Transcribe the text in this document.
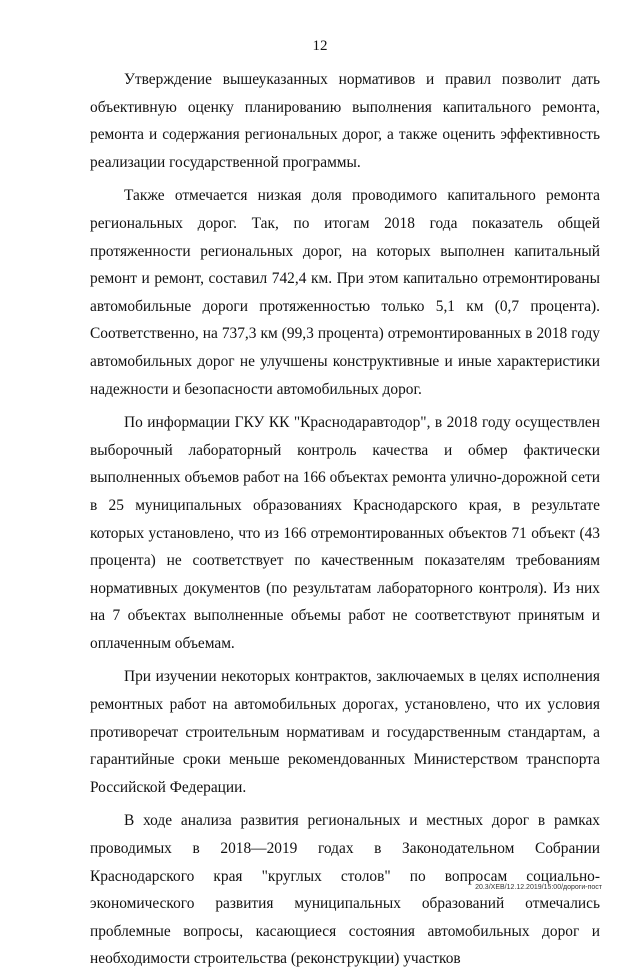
12

Утверждение вышеуказанных нормативов и правил позволит дать объективную оценку планированию выполнения капитального ремонта, ремонта и содержания региональных дорог, а также оценить эффективность реализации государственной программы.

Также отмечается низкая доля проводимого капитального ремонта региональных дорог. Так, по итогам 2018 года показатель общей протяженности региональных дорог, на которых выполнен капитальный ремонт и ремонт, составил 742,4 км. При этом капитально отремонтированы автомобильные дороги протяженностью только 5,1 км (0,7 процента). Соответственно, на 737,3 км (99,3 процента) отремонтированных в 2018 году автомобильных дорог не улучшены конструктивные и иные характеристики надежности и безопасности автомобильных дорог.

По информации ГКУ КК "Краснодаравтодор", в 2018 году осуществлен выборочный лабораторный контроль качества и обмер фактически выполненных объемов работ на 166 объектах ремонта улично-дорожной сети в 25 муниципальных образованиях Краснодарского края, в результате которых установлено, что из 166 отремонтированных объектов 71 объект (43 процента) не соответствует по качественным показателям требованиям нормативных документов (по результатам лабораторного контроля). Из них на 7 объектах выполненные объемы работ не соответствуют принятым и оплаченным объемам.

При изучении некоторых контрактов, заключаемых в целях исполнения ремонтных работ на автомобильных дорогах, установлено, что их условия противоречат строительным нормативам и государственным стандартам, а гарантийные сроки меньше рекомендованных Министерством транспорта Российской Федерации.

В ходе анализа развития региональных и местных дорог в рамках проводимых в 2018—2019 годах в Законодательном Собрании Краснодарского края "круглых столов" по вопросам социально-экономического развития муниципальных образований отмечались проблемные вопросы, касающиеся состояния автомобильных дорог и необходимости строительства (реконструкции) участков

20.3/ХЕВ/12.12.2019/15:00/дороги-пост
